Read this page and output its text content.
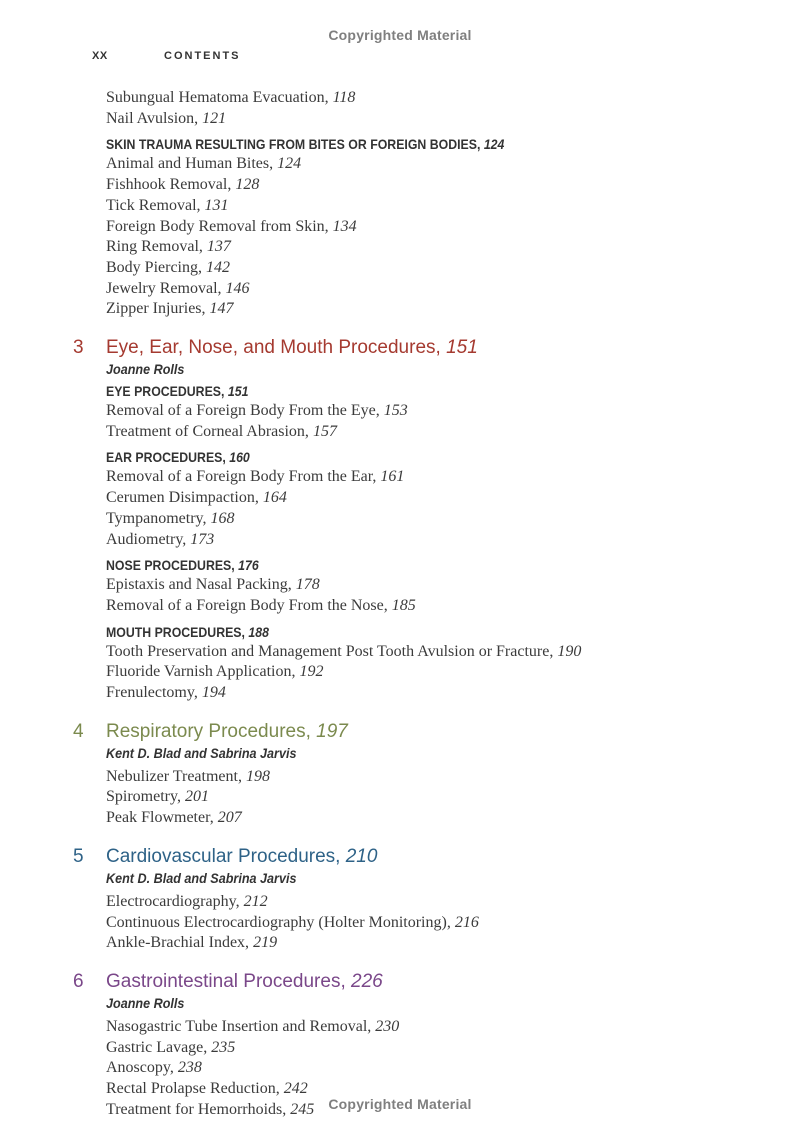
Copyrighted Material
XX	CONTENTS
Subungual Hematoma Evacuation, 118
Nail Avulsion, 121
SKIN TRAUMA RESULTING FROM BITES OR FOREIGN BODIES, 124
Animal and Human Bites, 124
Fishhook Removal, 128
Tick Removal, 131
Foreign Body Removal from Skin, 134
Ring Removal, 137
Body Piercing, 142
Jewelry Removal, 146
Zipper Injuries, 147
3 Eye, Ear, Nose, and Mouth Procedures, 151
Joanne Rolls
EYE PROCEDURES, 151
Removal of a Foreign Body From the Eye, 153
Treatment of Corneal Abrasion, 157
EAR PROCEDURES, 160
Removal of a Foreign Body From the Ear, 161
Cerumen Disimpaction, 164
Tympanometry, 168
Audiometry, 173
NOSE PROCEDURES, 176
Epistaxis and Nasal Packing, 178
Removal of a Foreign Body From the Nose, 185
MOUTH PROCEDURES, 188
Tooth Preservation and Management Post Tooth Avulsion or Fracture, 190
Fluoride Varnish Application, 192
Frenulectomy, 194
4 Respiratory Procedures, 197
Kent D. Blad and Sabrina Jarvis
Nebulizer Treatment, 198
Spirometry, 201
Peak Flowmeter, 207
5 Cardiovascular Procedures, 210
Kent D. Blad and Sabrina Jarvis
Electrocardiography, 212
Continuous Electrocardiography (Holter Monitoring), 216
Ankle-Brachial Index, 219
6 Gastrointestinal Procedures, 226
Joanne Rolls
Nasogastric Tube Insertion and Removal, 230
Gastric Lavage, 235
Anoscopy, 238
Rectal Prolapse Reduction, 242
Treatment for Hemorrhoids, 245	Copyrighted Material
